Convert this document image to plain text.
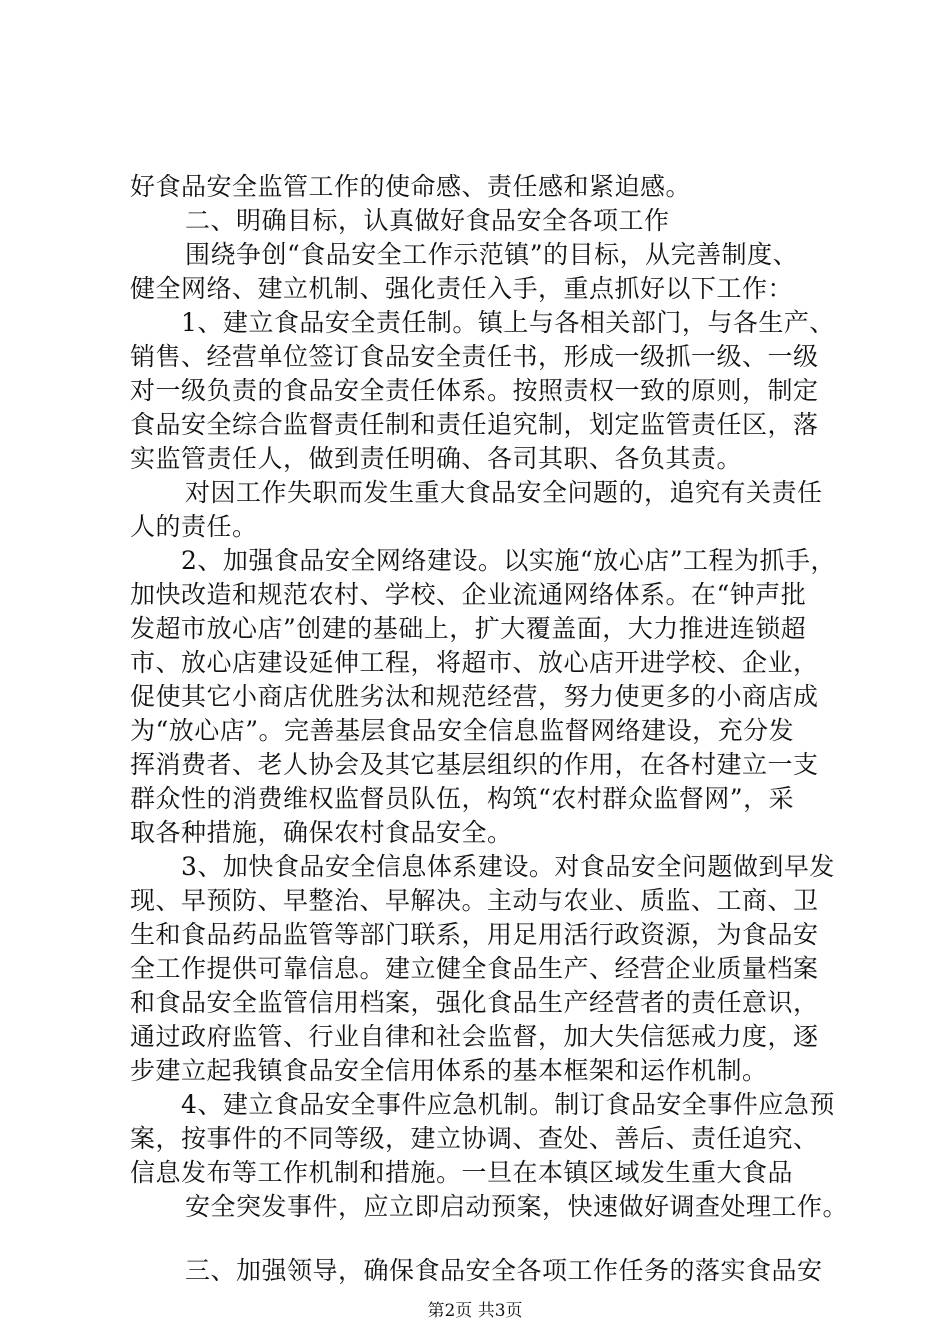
好食品安全监管工作的使命感、责任感和紧迫感。
二、明确目标，认真做好食品安全各项工作
围绕争创“食品安全工作示范镇”的目标，从完善制度、
健全网络、建立机制、强化责任入手，重点抓好以下工作：
1、建立食品安全责任制。镇上与各相关部门，与各生产、
销售、经营单位签订食品安全责任书，形成一级抓一级、一级
对一级负责的食品安全责任体系。按照责权一致的原则，制定
食品安全综合监督责任制和责任追究制，划定监管责任区，落
实监管责任人，做到责任明确、各司其职、各负其责。
对因工作失职而发生重大食品安全问题的，追究有关责任
人的责任。
2、加强食品安全网络建设。以实施“放心店”工程为抓手，
加快改造和规范农村、学校、企业流通网络体系。在“钟声批
发超市放心店”创建的基础上，扩大覆盖面，大力推进连锁超
市、放心店建设延伸工程，将超市、放心店开进学校、企业，
促使其它小商店优胜劣汰和规范经营，努力使更多的小商店成
为“放心店”。完善基层食品安全信息监督网络建设，充分发
挥消费者、老人协会及其它基层组织的作用，在各村建立一支
群众性的消费维权监督员队伍，构筑“农村群众监督网”，采
取各种措施，确保农村食品安全。
3、加快食品安全信息体系建设。对食品安全问题做到早发
现、早预防、早整治、早解决。主动与农业、质监、工商、卫
生和食品药品监管等部门联系，用足用活行政资源，为食品安
全工作提供可靠信息。建立健全食品生产、经营企业质量档案
和食品安全监管信用档案，强化食品生产经营者的责任意识，
通过政府监管、行业自律和社会监督，加大失信惩戒力度，逐
步建立起我镇食品安全信用体系的基本框架和运作机制。
4、建立食品安全事件应急机制。制订食品安全事件应急预
案，按事件的不同等级，建立协调、查处、善后、责任追究、
信息发布等工作机制和措施。一旦在本镇区域发生重大食品
安全突发事件，应立即启动预案，快速做好调查处理工作。
三、加强领导，确保食品安全各项工作任务的落实食品安
第2页 共3页
